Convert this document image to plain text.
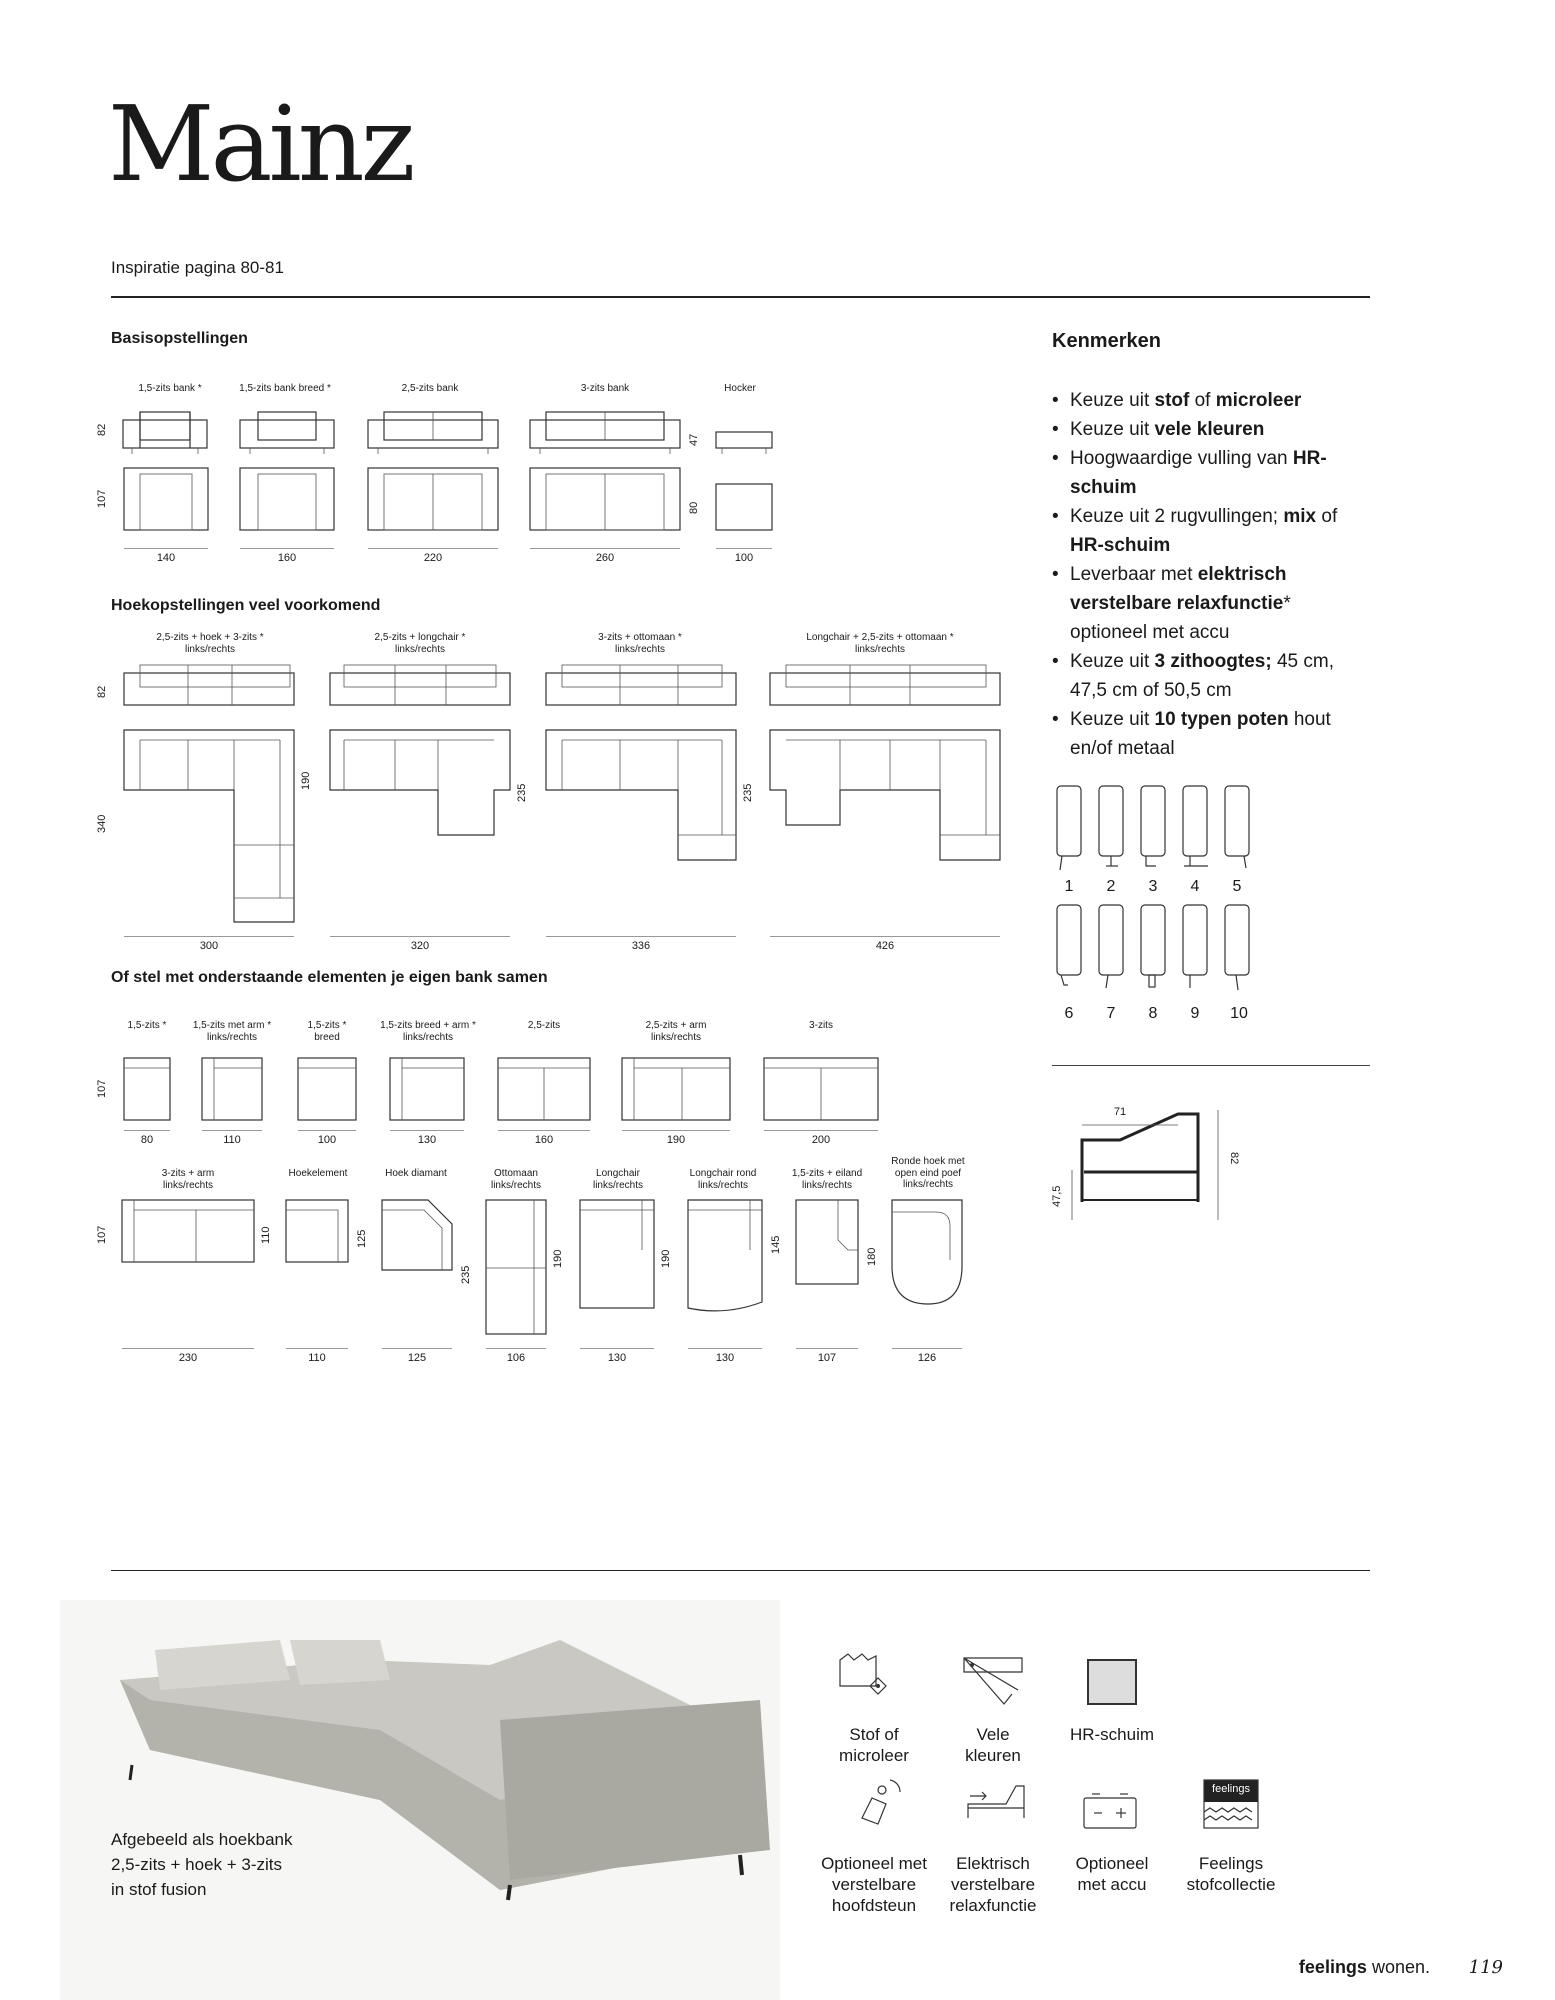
Mainz
Inspiratie pagina 80-81
Basisopstellingen
1,5-zits bank *	1,5-zits bank breed *	2,5-zits bank	3-zits bank	Hocker
82
107
47
80
140	160	220	260	100
Hoekopstellingen veel voorkomend
2,5-zits + hoek + 3-zits *
links/rechts
2,5-zits + longchair *
links/rechts
3-zits + ottomaan *
links/rechts
Longchair + 2,5-zits + ottomaan *
links/rechts
82
340
190
235	235
300	320	336	426
Of stel met onderstaande elementen je eigen bank samen
1,5-zits *	1,5-zits met arm *
links/rechts
1,5-zits *
breed
1,5-zits breed + arm *
links/rechts
2,5-zits	2,5-zits + arm
links/rechts
3-zits
107
80	110	100	130	160	190	200
3-zits + arm
links/rechts
Hoekelement	Hoek diamant	Ottomaan
links/rechts
Longchair
links/rechts
Longchair rond
links/rechts
1,5-zits + eiland
links/rechts
Ronde hoek met
open eind poef
links/rechts
107	110	125
235
190	190
145
180
230	110	125	106	130	130	107	126
Kenmerken
• Keuze uit stof of microleer
• Keuze uit vele kleuren
• Hoogwaardige vulling van HR-schuim
• Keuze uit 2 rugvullingen; mix of HR-schuim
• Leverbaar met elektrisch verstelbare relaxfunctie* optioneel met accu
• Keuze uit 3 zithoogtes; 45 cm, 47,5 cm of 50,5 cm
• Keuze uit 10 typen poten hout en/of metaal
1	2	3	4	5
6	7	8	9	10
71
82
47,5
Afgebeeld als hoekbank
2,5-zits + hoek + 3-zits
in stof fusion
Stof of
microleer
Vele
kleuren
HR-schuim
Optioneel met
verstelbare
hoofdsteun
Elektrisch
verstelbare
relaxfunctie
Optioneel
met accu
Feelings
stofcollectie
feelings
feelings wonen. 119
